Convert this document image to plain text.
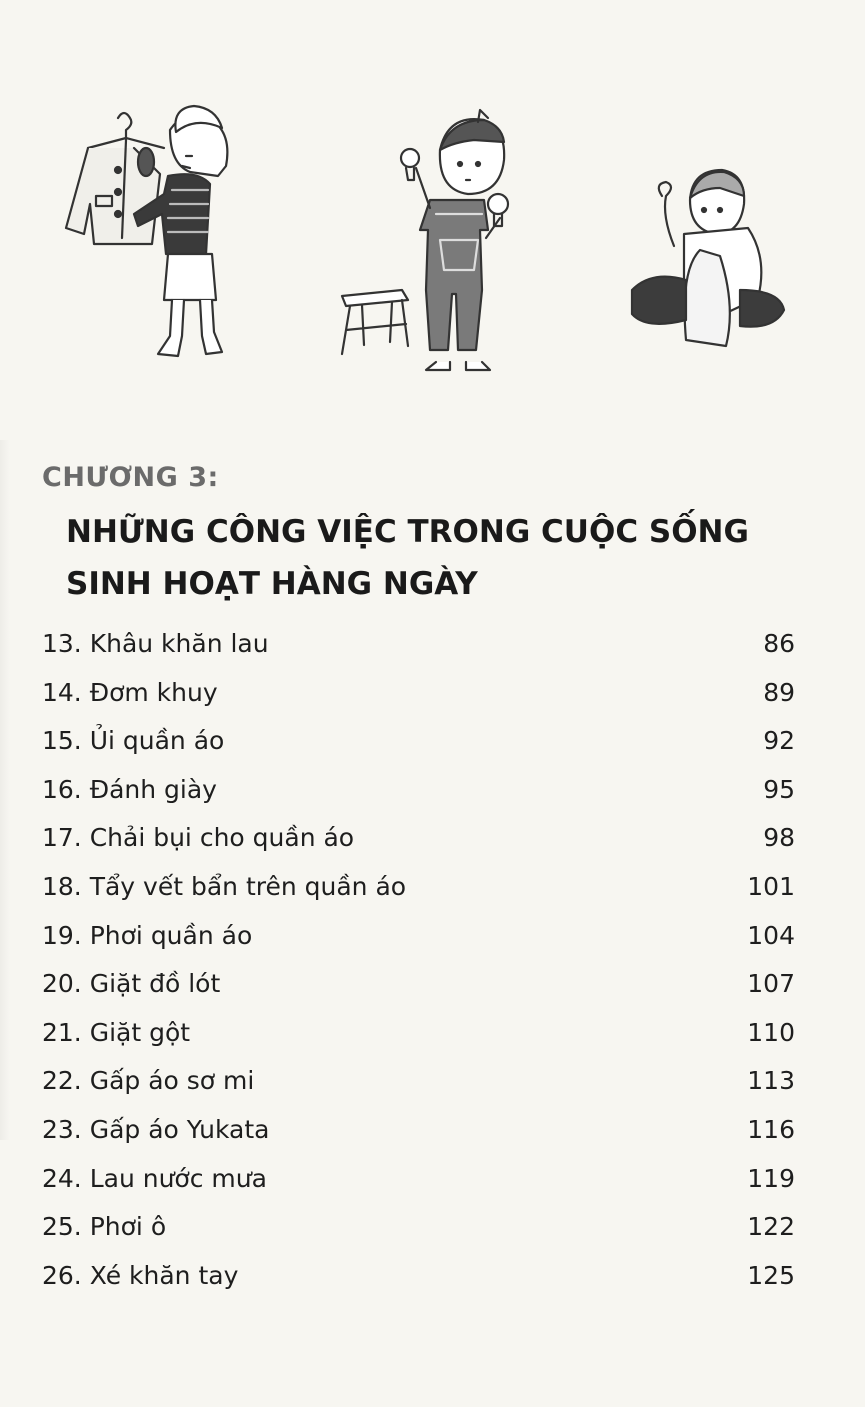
CHƯƠNG 3:
NHỮNG CÔNG VIỆC TRONG CUỘC SỐNG
SINH HOẠT HÀNG NGÀY
13. Khâu khăn lau	86
14. Đơm khuy	89
15. Ủi quần áo	92
16. Đánh giày	95
17. Chải bụi cho quần áo	98
18. Tẩy vết bẩn trên quần áo	101
19. Phơi quần áo	104
20. Giặt đồ lót	107
21. Giặt gột	110
22. Gấp áo sơ mi	113
23. Gấp áo Yukata	116
24. Lau nước mưa	119
25. Phơi ô	122
26. Xé khăn tay	125
